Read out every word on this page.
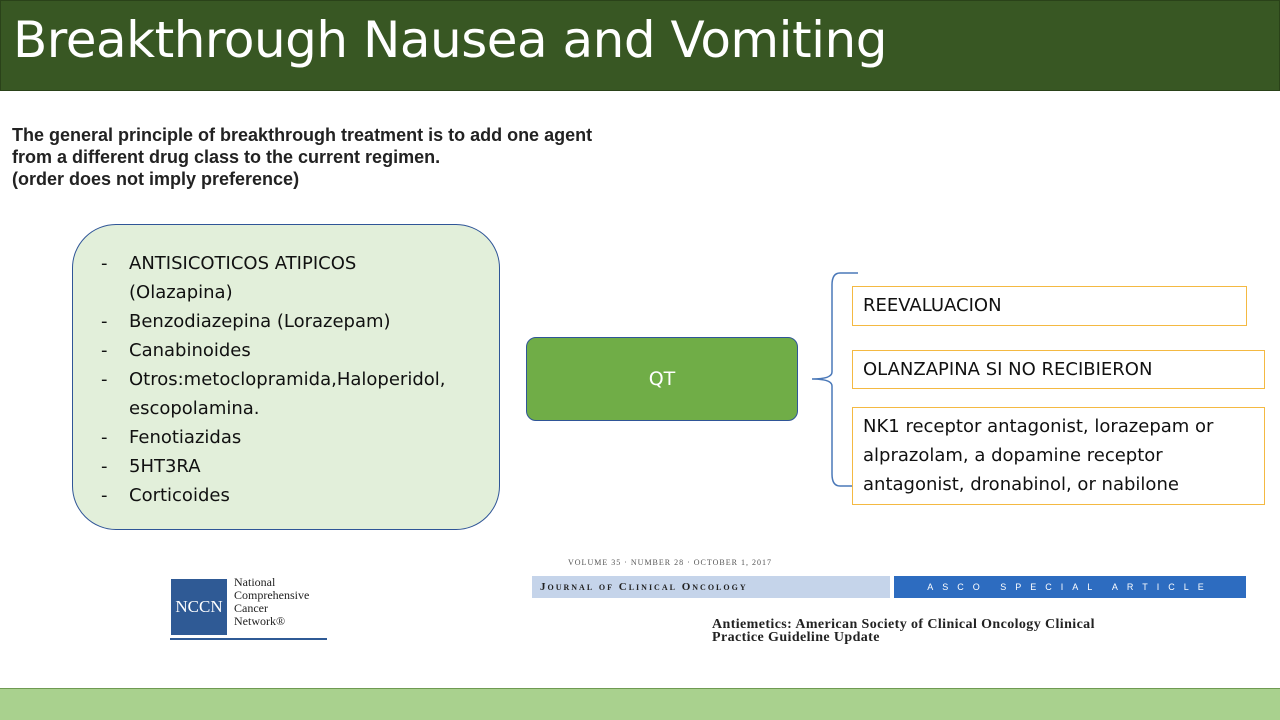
Breakthrough Nausea and Vomiting
The general principle of breakthrough treatment is to add one agent
from a different drug class to the current regimen.
(order does not imply preference)
- ANTISICOTICOS ATIPICOS (Olazapina)
- Benzodiazepina (Lorazepam)
- Canabinoides
- Otros:metoclopramida,Haloperidol, escopolamina.
- Fenotiazidas
- 5HT3RA
- Corticoides
QT
REEVALUACION
OLANZAPINA SI NO RECIBIERON
NK1 receptor antagonist, lorazepam or alprazolam, a dopamine receptor antagonist, dronabinol, or nabilone
NCCN
National
Comprehensive
Cancer
Network®
VOLUME 35 · NUMBER 28 · OCTOBER 1, 2017
Journal of Clinical Oncology	ASCO SPECIAL ARTICLE
Antiemetics: American Society of Clinical Oncology Clinical
Practice Guideline Update
